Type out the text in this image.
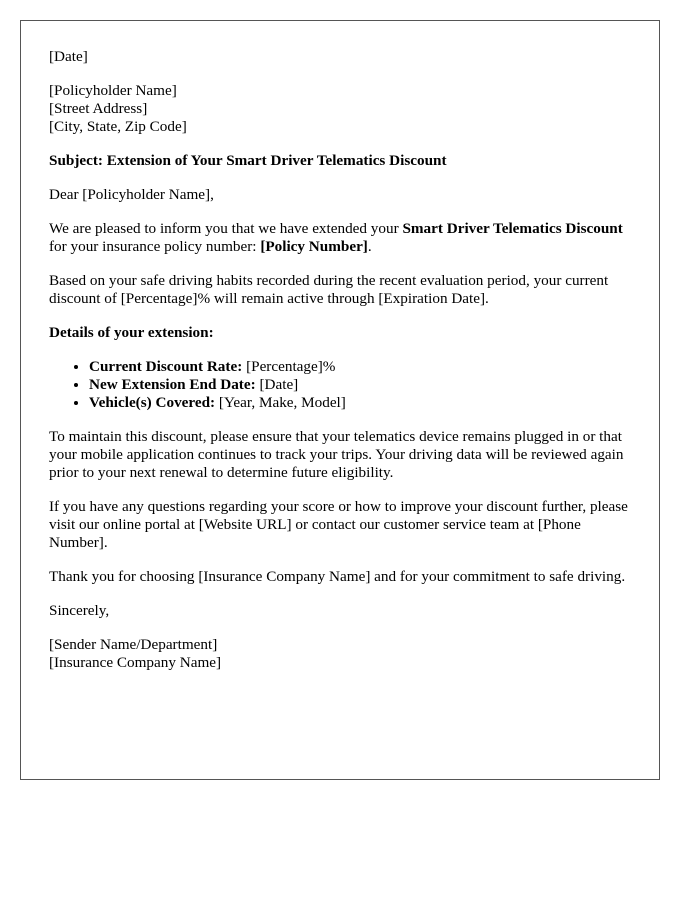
[Date]

[Policyholder Name]
[Street Address]
[City, State, Zip Code]

Subject: Extension of Your Smart Driver Telematics Discount

Dear [Policyholder Name],

We are pleased to inform you that we have extended your Smart Driver Telematics Discount for your insurance policy number: [Policy Number].

Based on your safe driving habits recorded during the recent evaluation period, your current discount of [Percentage]% will remain active through [Expiration Date].

Details of your extension:

• Current Discount Rate: [Percentage]%
• New Extension End Date: [Date]
• Vehicle(s) Covered: [Year, Make, Model]

To maintain this discount, please ensure that your telematics device remains plugged in or that your mobile application continues to track your trips. Your driving data will be reviewed again prior to your next renewal to determine future eligibility.

If you have any questions regarding your score or how to improve your discount further, please visit our online portal at [Website URL] or contact our customer service team at [Phone Number].

Thank you for choosing [Insurance Company Name] and for your commitment to safe driving.

Sincerely,

[Sender Name/Department]
[Insurance Company Name]
